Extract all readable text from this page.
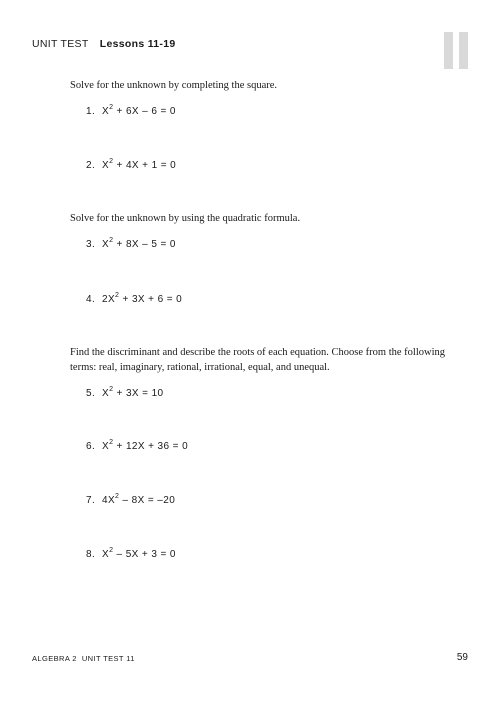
UNIT TEST Lessons 11-19
Solve for the unknown by completing the square.
1. $X^2 + 6X - 6 = 0$
2. $X^2 + 4X + 1 = 0$
Solve for the unknown by using the quadratic formula.
3. $X^2 + 8X - 5 = 0$
4. $2X^2 + 3X + 6 = 0$
Find the discriminant and describe the roots of each equation. Choose from the following terms: real, imaginary, rational, irrational, equal, and unequal.
5. $X^2 + 3X = 10$
6. $X^2 + 12X + 36 = 0$
7. $4X^2 - 8X = -20$
8. $X^2 - 5X + 3 = 0$
ALGEBRA 2  UNIT TEST 11	59
